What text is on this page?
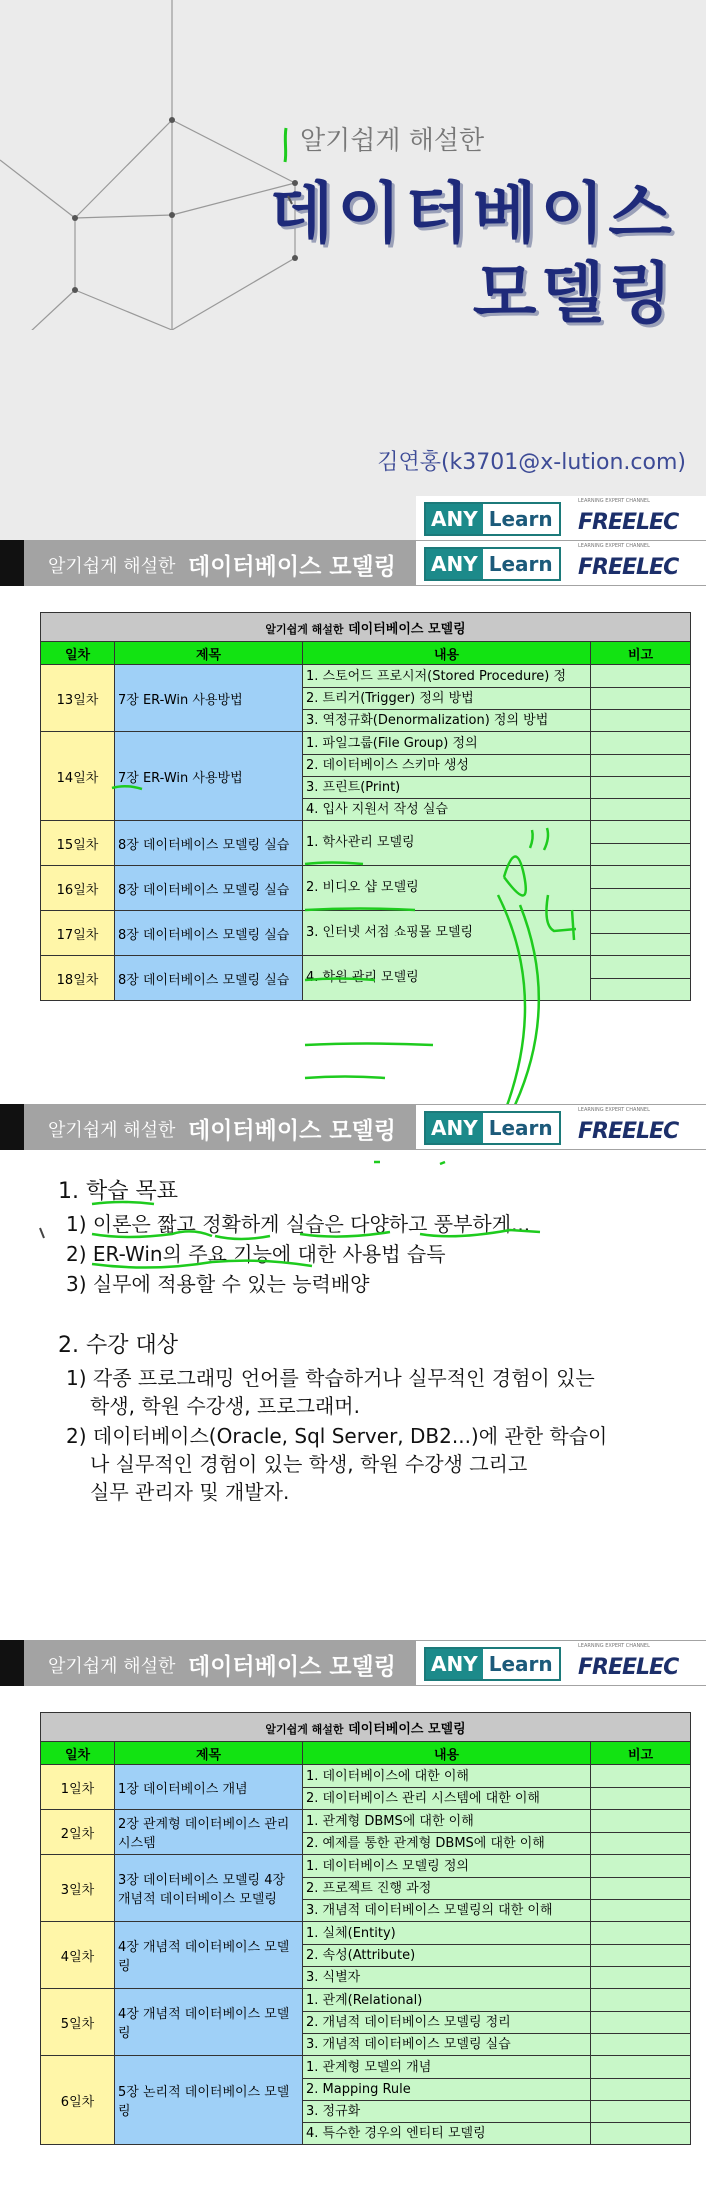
알기쉽게 해설한
데이터베이스
모델링
김연홍(k3701@x-lution.com)
ANY Learn
LEARNING EXPERT CHANNEL
FREELEC
알기쉽게 해설한 데이터베이스 모델링 ANY Learn
LEARNING EXPERT CHANNEL
FREELEC
알기쉽게 해설한 데이터베이스 모델링			
일차	제목	내용	비고
13일차	7장 ER-Win 사용방법	1. 스토어드 프로시저(Stored Procedure) 정
2. 트리거(Trigger) 정의 방법
3. 역정규화(Denormalization) 정의 방법	

14일차	7장 ER-Win 사용방법	1. 파일그룹(File Group) 정의
2. 데이터베이스 스키마 생성
3. 프린트(Print)
4. 입사 지원서 작성 실습	

15일차	8장 데이터베이스 모델링 실습	1. 학사관리 모델링	

16일차	8장 데이터베이스 모델링 실습	2. 비디오 샵 모델링	

17일차	8장 데이터베이스 모델링 실습	3. 인터넷 서점 쇼핑몰 모델링	

18일차	8장 데이터베이스 모델링 실습	4. 학원 관리 모델링	

알기쉽게 해설한 데이터베이스 모델링 ANY Learn
LEARNING EXPERT CHANNEL
FREELEC
1. 학습 목표
1) 이론은 짧고 정확하게 실습은 다양하고 풍부하게...
2) ER-Win의 주요 기능에 대한 사용법 습득
3) 실무에 적용할 수 있는 능력배양
2. 수강 대상
1) 각종 프로그래밍 언어를 학습하거나 실무적인 경험이 있는
학생, 학원 수강생, 프로그래머.
2) 데이터베이스(Oracle, Sql Server, DB2...)에 관한 학습이
나 실무적인 경험이 있는 학생, 학원 수강생 그리고
실무 관리자 및 개발자.
알기쉽게 해설한 데이터베이스 모델링 ANY Learn
LEARNING EXPERT CHANNEL
FREELEC
알기쉽게 해설한 데이터베이스 모델링			
일차	제목	내용	비고
1일차	1장 데이터베이스 개념	1. 데이터베이스에 대한 이해
2. 데이터베이스 관리 시스템에 대한 이해	

2일차	2장 관계형 데이터베이스 관리 시스템	1. 관계형 DBMS에 대한 이해
2. 예제를 통한 관계형 DBMS에 대한 이해	

3일차	3장 데이터베이스 모델링 4장 개념적 데이터베이스 모델링	1. 데이터베이스 모델링 정의
2. 프로젝트 진행 과정
3. 개념적 데이터베이스 모델링의 대한 이해	

4일차	4장 개념적 데이터베이스 모델링	1. 실체(Entity)
2. 속성(Attribute)
3. 식별자	

5일차	4장 개념적 데이터베이스 모델링	1. 관계(Relational)
2. 개념적 데이터베이스 모델링 정리
3. 개념적 데이터베이스 모델링 실습	

6일차	5장 논리적 데이터베이스 모델링	1. 관계형 모델의 개념
2. Mapping Rule
3. 정규화
4. 특수한 경우의 엔티티 모델링	
